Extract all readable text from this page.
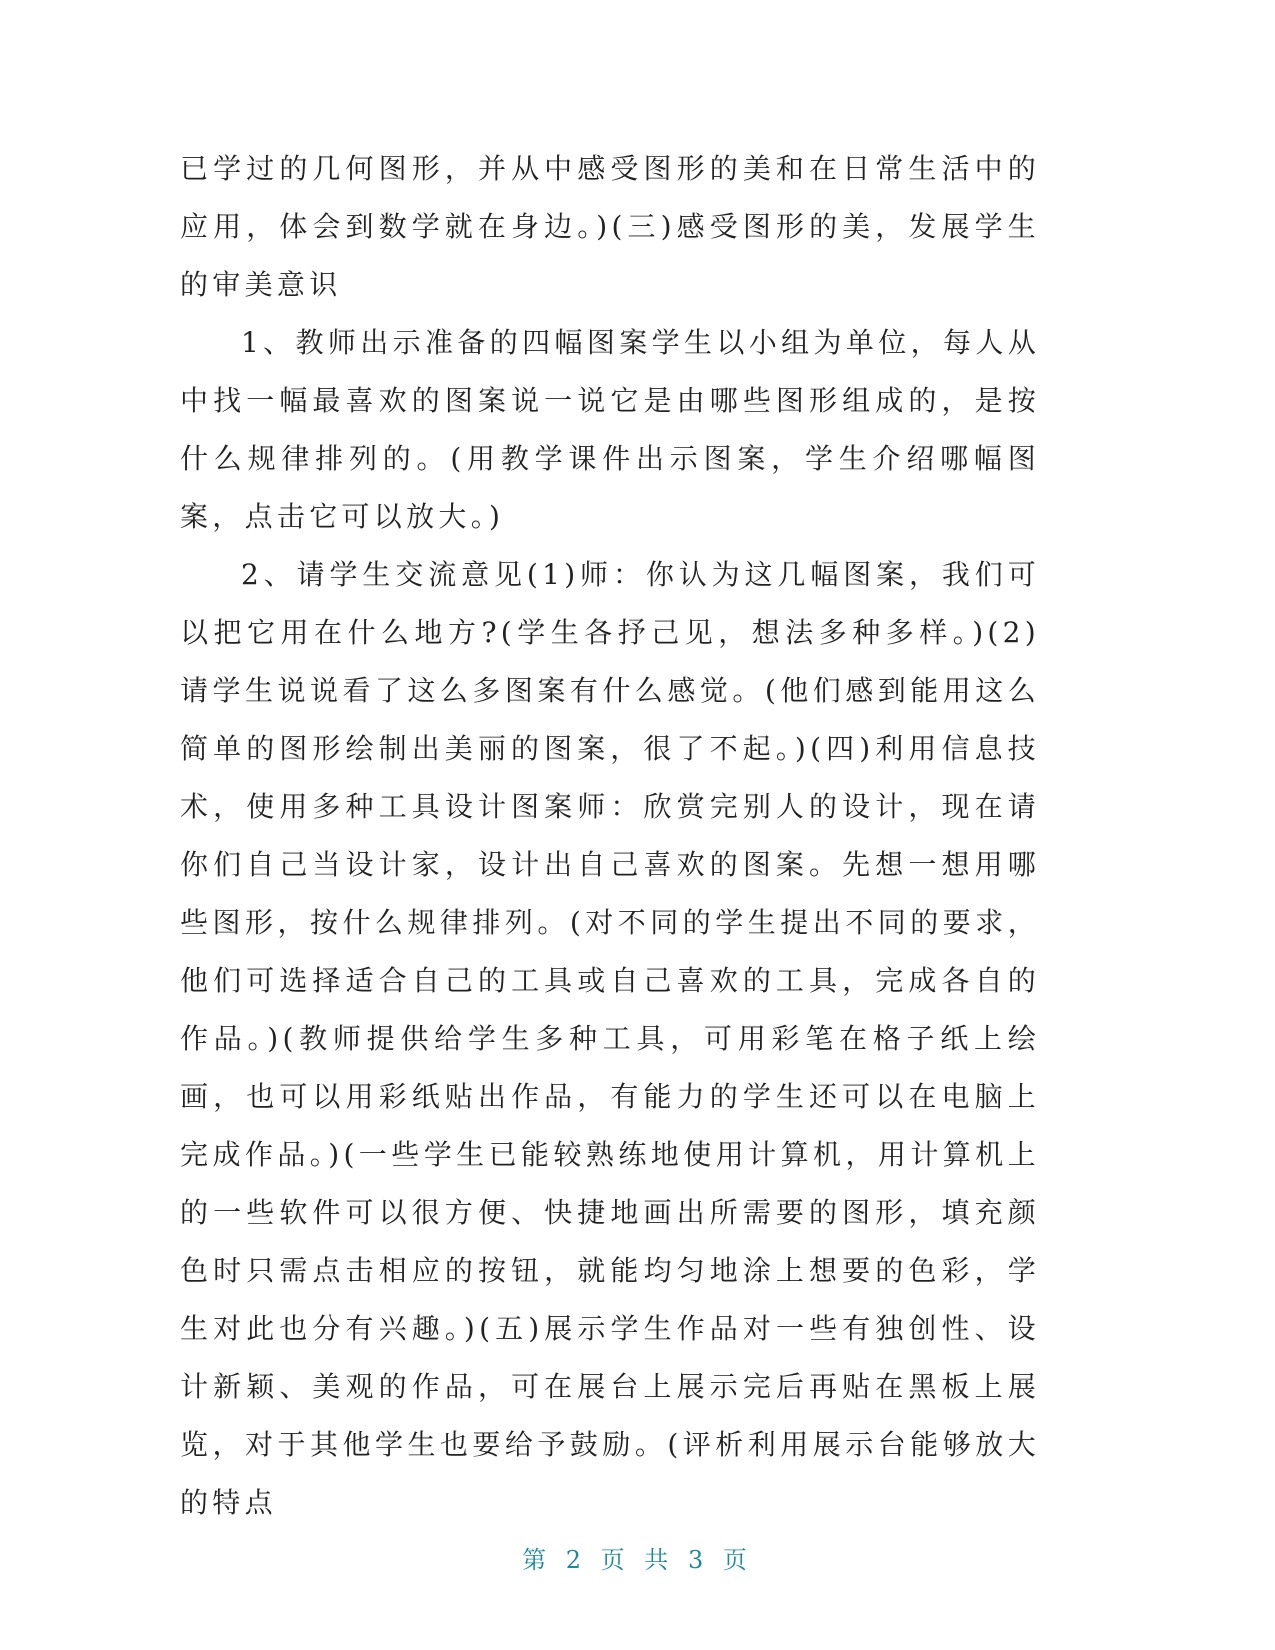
已学过的几何图形，并从中感受图形的美和在日常生活中的应用，体会到数学就在身边。)(三)感受图形的美，发展学生的审美意识

1、教师出示准备的四幅图案学生以小组为单位，每人从中找一幅最喜欢的图案说一说它是由哪些图形组成的，是按什么规律排列的。(用教学课件出示图案，学生介绍哪幅图案，点击它可以放大。)

2、请学生交流意见(1)师：你认为这几幅图案，我们可以把它用在什么地方?(学生各抒己见，想法多种多样。)(2)请学生说说看了这么多图案有什么感觉。(他们感到能用这么简单的图形绘制出美丽的图案，很了不起。)(四)利用信息技术，使用多种工具设计图案师：欣赏完别人的设计，现在请你们自己当设计家，设计出自己喜欢的图案。先想一想用哪些图形，按什么规律排列。(对不同的学生提出不同的要求，他们可选择适合自己的工具或自己喜欢的工具，完成各自的作品。)(教师提供给学生多种工具，可用彩笔在格子纸上绘画，也可以用彩纸贴出作品，有能力的学生还可以在电脑上完成作品。)(一些学生已能较熟练地使用计算机，用计算机上的一些软件可以很方便、快捷地画出所需要的图形，填充颜色时只需点击相应的按钮，就能均匀地涂上想要的色彩，学生对此也分有兴趣。)(五)展示学生作品对一些有独创性、设计新颖、美观的作品，可在展台上展示完后再贴在黑板上展览，对于其他学生也要给予鼓励。(评析利用展示台能够放大的特点

第 2 页 共 3 页
